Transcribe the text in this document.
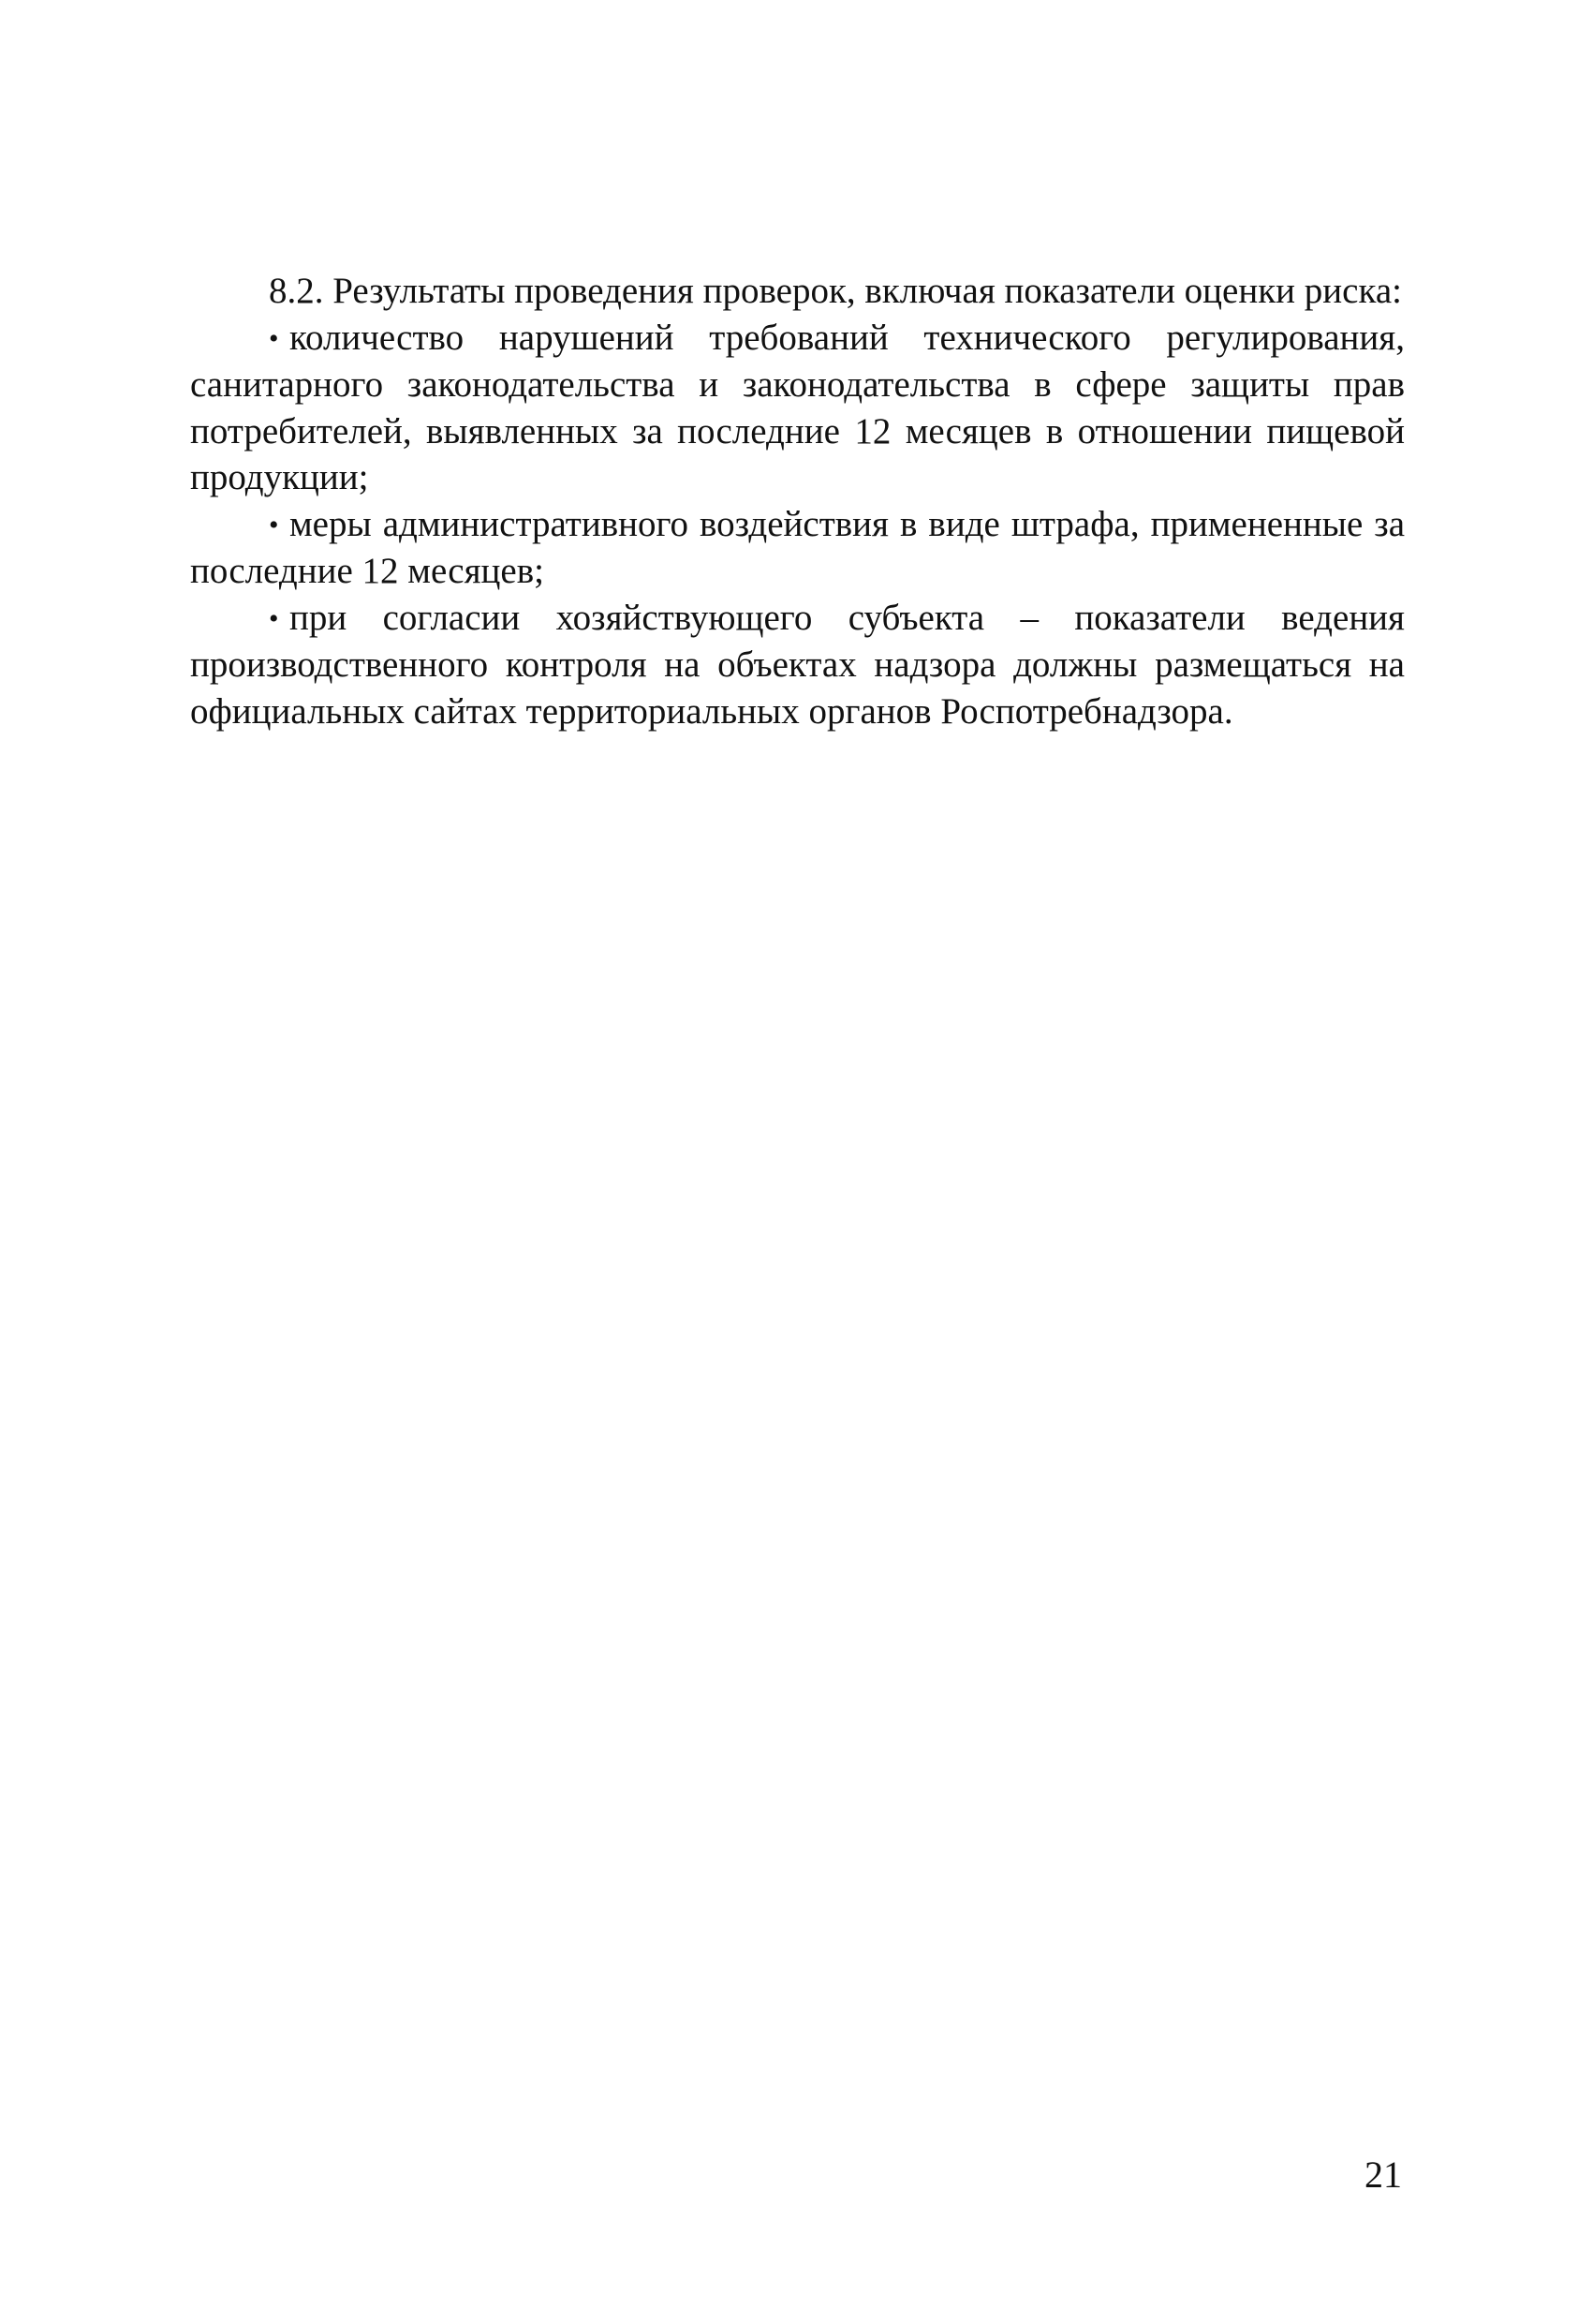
8.2. Результаты проведения проверок, включая показатели оценки риска:

• количество нарушений требований технического регулирования, санитарного законодательства и законодательства в сфере защиты прав потребителей, выявленных за последние 12 месяцев в отношении пищевой продукции;

• меры административного воздействия в виде штрафа, примененные за последние 12 месяцев;

• при согласии хозяйствующего субъекта – показатели ведения производственного контроля на объектах надзора должны размещаться на официальных сайтах территориальных органов Роспотребнадзора.

21
